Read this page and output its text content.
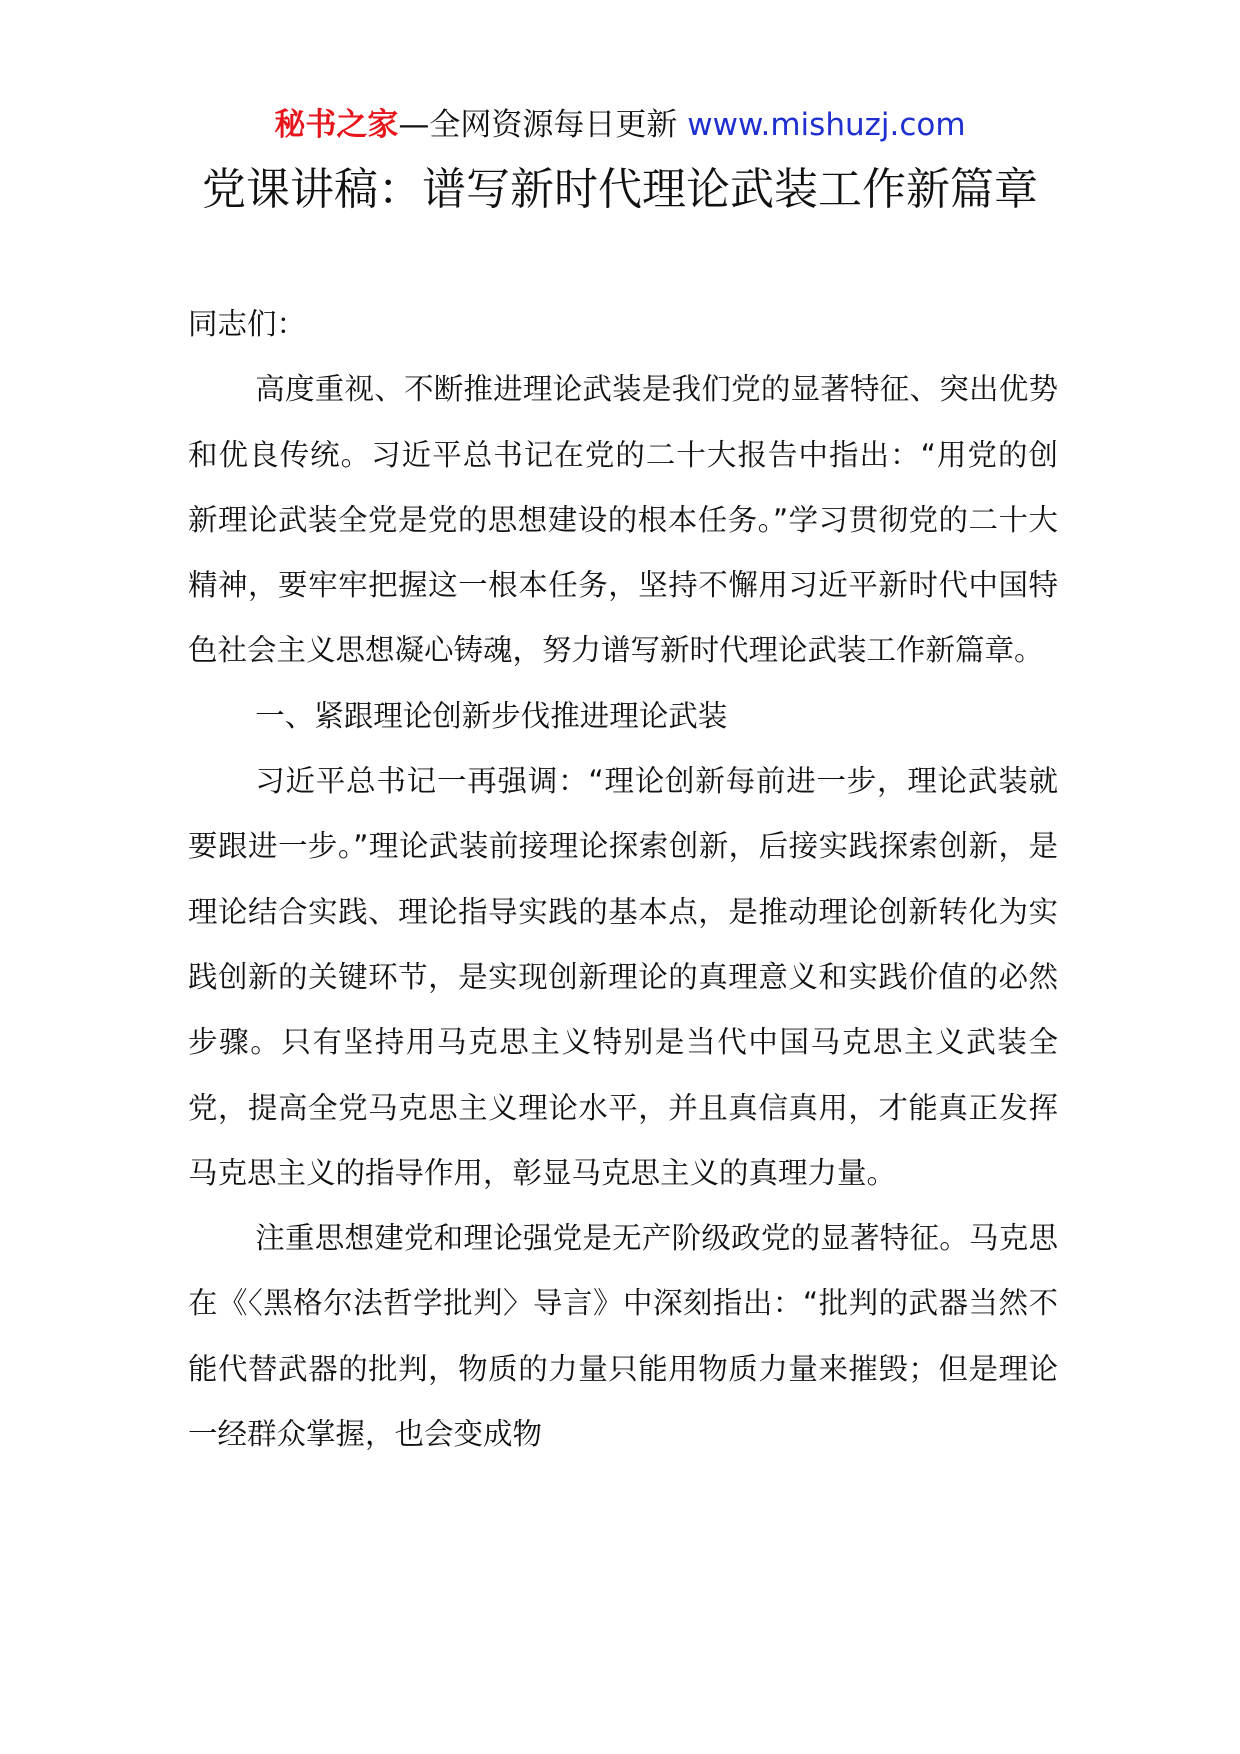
秘书之家—全网资源每日更新 www.mishuzj.com
党课讲稿：谱写新时代理论武装工作新篇章

同志们：

高度重视、不断推进理论武装是我们党的显著特征、突出优势和优良传统。习近平总书记在党的二十大报告中指出：“用党的创新理论武装全党是党的思想建设的根本任务。”学习贯彻党的二十大精神，要牢牢把握这一根本任务，坚持不懈用习近平新时代中国特色社会主义思想凝心铸魂，努力谱写新时代理论武装工作新篇章。

一、紧跟理论创新步伐推进理论武装

习近平总书记一再强调：“理论创新每前进一步，理论武装就要跟进一步。”理论武装前接理论探索创新，后接实践探索创新，是理论结合实践、理论指导实践的基本点，是推动理论创新转化为实践创新的关键环节，是实现创新理论的真理意义和实践价值的必然步骤。只有坚持用马克思主义特别是当代中国马克思主义武装全党，提高全党马克思主义理论水平，并且真信真用，才能真正发挥马克思主义的指导作用，彰显马克思主义的真理力量。

注重思想建党和理论强党是无产阶级政党的显著特征。马克思在《〈黑格尔法哲学批判〉导言》中深刻指出：“批判的武器当然不能代替武器的批判，物质的力量只能用物质力量来摧毁；但是理论一经群众掌握，也会变成物
